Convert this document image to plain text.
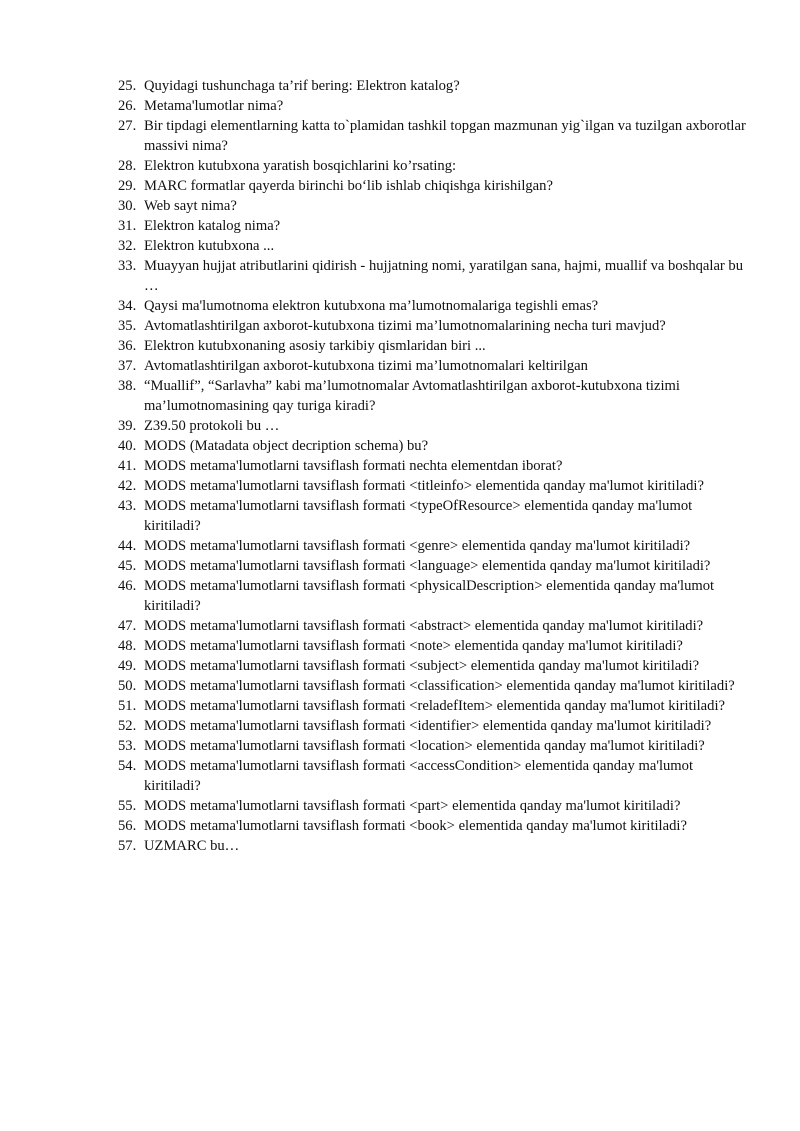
25. Quyidagi tushunchaga ta’rif bering: Elektron katalog?
26. Metama'lumotlar nima?
27. Bir tipdagi elementlarning katta to`plamidan tashkil topgan mazmunan yig`ilgan va tuzilgan axborotlar massivi nima?
28. Elektron kutubxona yaratish bosqichlarini ko’rsating:
29. MARC formatlar qayerda birinchi bo‘lib ishlab chiqishga kirishilgan?
30. Web sayt nima?
31. Elektron katalog nima?
32. Elektron kutubxona ...
33. Muayyan hujjat atributlarini qidirish - hujjatning nomi, yaratilgan sana, hajmi, muallif va boshqalar bu …
34. Qaysi ma'lumotnoma elektron kutubxona ma’lumotnomalariga tegishli emas?
35. Avtomatlashtirilgan axborot-kutubxona tizimi ma’lumotnomalarining necha turi mavjud?
36. Elektron kutubxonaning asosiy tarkibiy qismlaridan biri ...
37. Avtomatlashtirilgan axborot-kutubxona tizimi ma’lumotnomalari keltirilgan
38. “Muallif”, “Sarlavha” kabi ma’lumotnomalar Avtomatlashtirilgan axborot-kutubxona tizimi ma’lumotnomasining qay turiga kiradi?
39. Z39.50 protokoli bu …
40. MODS (Matadata object decription schema) bu?
41. MODS metama'lumotlarni tavsiflash formati nechta elementdan iborat?
42. MODS metama'lumotlarni tavsiflash formati <titleinfo> elementida qanday ma'lumot kiritiladi?
43. MODS metama'lumotlarni tavsiflash formati <typeOfResource> elementida qanday ma'lumot kiritiladi?
44. MODS metama'lumotlarni tavsiflash formati <genre> elementida qanday ma'lumot kiritiladi?
45. MODS metama'lumotlarni tavsiflash formati <language> elementida qanday ma'lumot kiritiladi?
46. MODS metama'lumotlarni tavsiflash formati <physicalDescription> elementida qanday ma'lumot kiritiladi?
47. MODS metama'lumotlarni tavsiflash formati <abstract> elementida qanday ma'lumot kiritiladi?
48. MODS metama'lumotlarni tavsiflash formati <note> elementida qanday ma'lumot kiritiladi?
49. MODS metama'lumotlarni tavsiflash formati <subject> elementida qanday ma'lumot kiritiladi?
50. MODS metama'lumotlarni tavsiflash formati <classification> elementida qanday ma'lumot kiritiladi?
51. MODS metama'lumotlarni tavsiflash formati <reladefItem> elementida qanday ma'lumot kiritiladi?
52. MODS metama'lumotlarni tavsiflash formati <identifier> elementida qanday ma'lumot kiritiladi?
53. MODS metama'lumotlarni tavsiflash formati <location> elementida qanday ma'lumot kiritiladi?
54. MODS metama'lumotlarni tavsiflash formati <accessCondition> elementida qanday ma'lumot kiritiladi?
55. MODS metama'lumotlarni tavsiflash formati <part> elementida qanday ma'lumot kiritiladi?
56. MODS metama'lumotlarni tavsiflash formati <book> elementida qanday ma'lumot kiritiladi?
57. UZMARC bu…
